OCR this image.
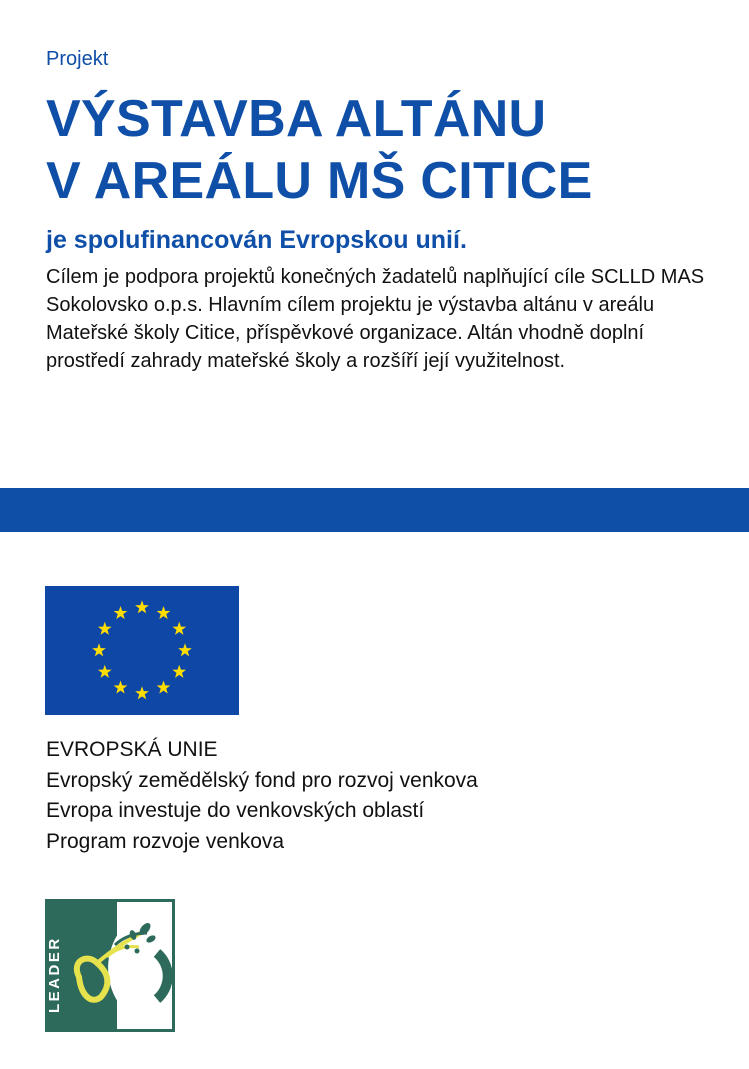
Projekt

VÝSTAVBA ALTÁNU
V AREÁLU MŠ CITICE

je spolufinancován Evropskou unií.

Cílem je podpora projektů konečných žadatelů naplňující cíle SCLLD MAS Sokolovsko o.p.s. Hlavním cílem projektu je výstavba altánu v areálu Mateřské školy Citice, příspěvkové organizace. Altán vhodně doplní prostředí zahrady mateřské školy a rozšíří její využitelnost.

EVROPSKÁ UNIE
Evropský zemědělský fond pro rozvoj venkova
Evropa investuje do venkovských oblastí
Program rozvoje venkova
LEADER
